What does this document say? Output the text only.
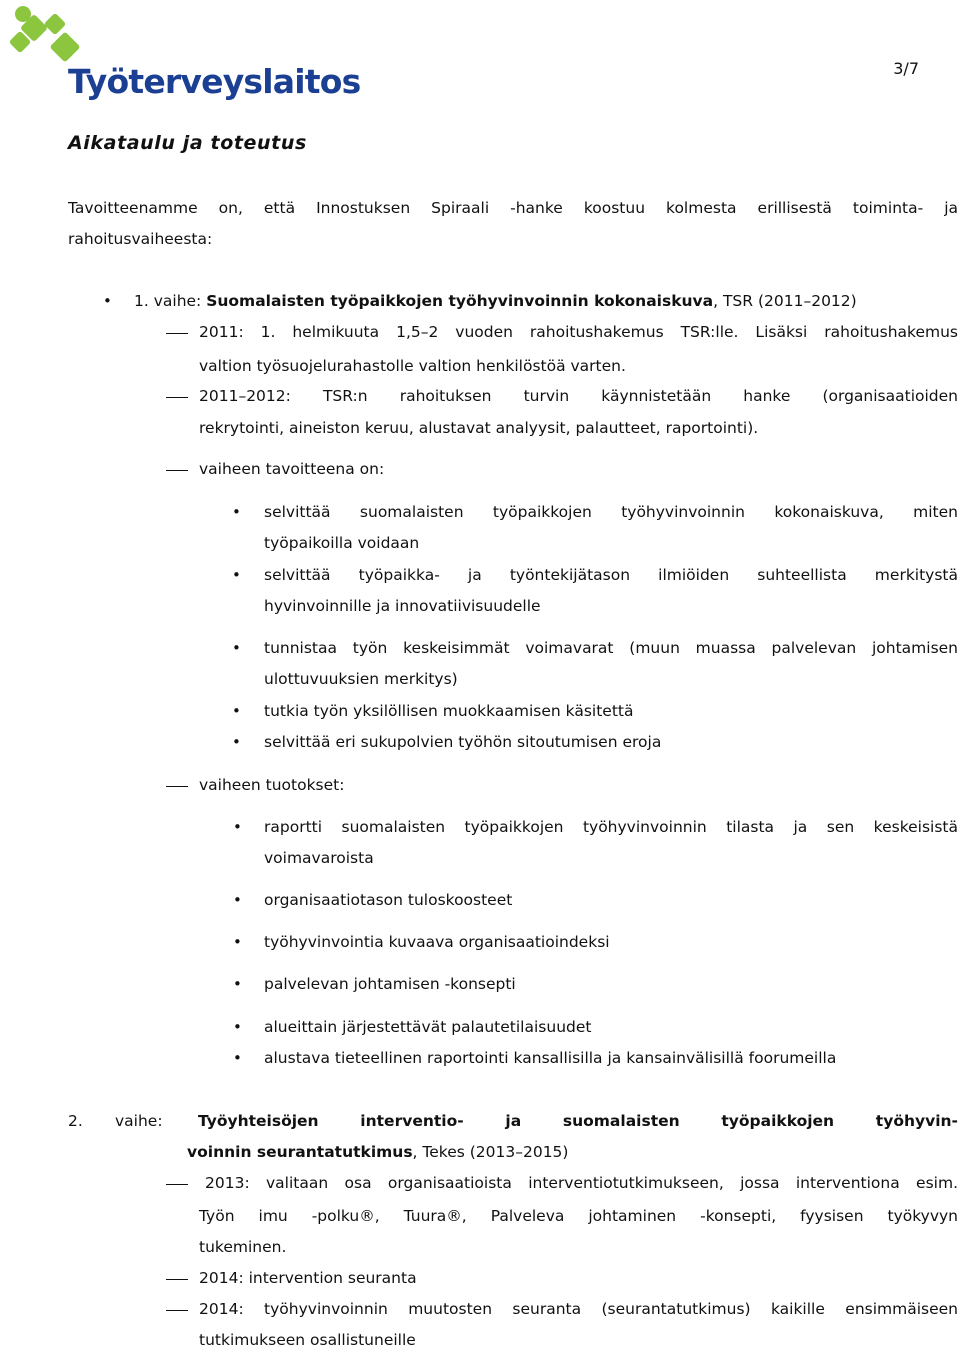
Työterveyslaitos	3/7
Aikataulu ja toteutus
Tavoitteenamme on, että Innostuksen Spiraali -hanke koostuu kolmesta erillisestä toiminta- ja
rahoitusvaiheesta:
• 1. vaihe: Suomalaisten työpaikkojen työhyvinvoinnin kokonaiskuva, TSR (2011–2012)
2011: 1. helmikuuta 1,5–2 vuoden rahoitushakemus TSR:lle. Lisäksi rahoitushakemus
valtion työsuojelurahastolle valtion henkilöstöä varten.
2011–2012: TSR:n rahoituksen turvin käynnistetään hanke (organisaatioiden
rekrytointi, aineiston keruu, alustavat analyysit, palautteet, raportointi).
vaiheen tavoitteena on:
• selvittää suomalaisten työpaikkojen työhyvinvoinnin kokonaiskuva, miten
työpaikoilla voidaan
• selvittää työpaikka- ja työntekijätason ilmiöiden suhteellista merkitystä
hyvinvoinnille ja innovatiivisuudelle
• tunnistaa työn keskeisimmät voimavarat (muun muassa palvelevan johtamisen
ulottuvuuksien merkitys)
• tutkia työn yksilöllisen muokkaamisen käsitettä
• selvittää eri sukupolvien työhön sitoutumisen eroja
vaiheen tuotokset:
• raportti suomalaisten työpaikkojen työhyvinvoinnin tilasta ja sen keskeisistä
voimavaroista
• organisaatiotason tuloskoosteet
• työhyvinvointia kuvaava organisaatioindeksi
• palvelevan johtamisen -konsepti
• alueittain järjestettävät palautetilaisuudet
• alustava tieteellinen raportointi kansallisilla ja kansainvälisillä foorumeilla
2. vaihe: Työyhteisöjen interventio- ja suomalaisten työpaikkojen työhyvin-
voinnin seurantatutkimus, Tekes (2013–2015)
2013: valitaan osa organisaatioista interventiotutkimukseen, jossa interventiona esim.
Työn imu -polku®, Tuura®, Palveleva johtaminen -konsepti, fyysisen työkyvyn
tukeminen.
2014: intervention seuranta
2014: työhyvinvoinnin muutosten seuranta (seurantatutkimus) kaikille ensimmäiseen
tutkimukseen osallistuneille
